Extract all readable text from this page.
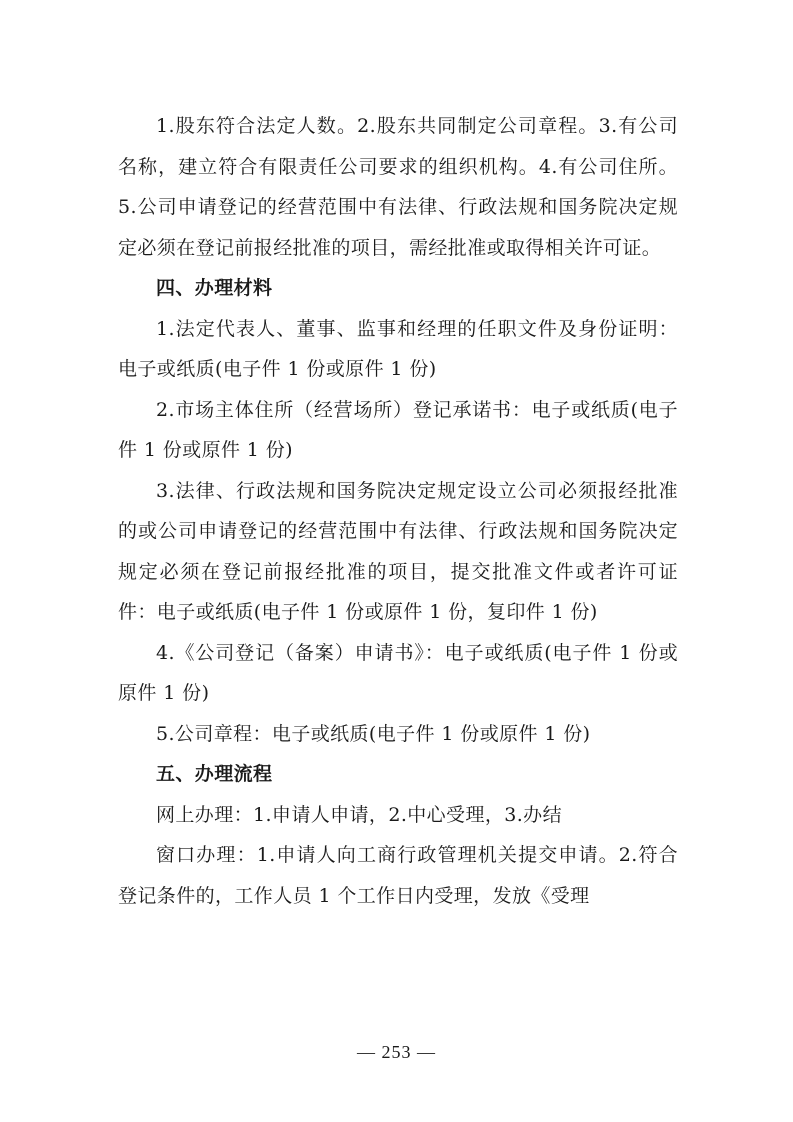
1.股东符合法定人数。2.股东共同制定公司章程。3.有公司名称，建立符合有限责任公司要求的组织机构。4.有公司住所。5.公司申请登记的经营范围中有法律、行政法规和国务院决定规定必须在登记前报经批准的项目，需经批准或取得相关许可证。

四、办理材料

1.法定代表人、董事、监事和经理的任职文件及身份证明：电子或纸质(电子件 1 份或原件 1 份)

2.市场主体住所（经营场所）登记承诺书：电子或纸质(电子件 1 份或原件 1 份)

3.法律、行政法规和国务院决定规定设立公司必须报经批准的或公司申请登记的经营范围中有法律、行政法规和国务院决定规定必须在登记前报经批准的项目，提交批准文件或者许可证件：电子或纸质(电子件 1 份或原件 1 份，复印件 1 份)

4.《公司登记（备案）申请书》：电子或纸质(电子件 1 份或原件 1 份)

5.公司章程：电子或纸质(电子件 1 份或原件 1 份)

五、办理流程

网上办理：1.申请人申请，2.中心受理，3.办结

窗口办理：1.申请人向工商行政管理机关提交申请。2.符合登记条件的，工作人员 1 个工作日内受理，发放《受理

— 253 —
